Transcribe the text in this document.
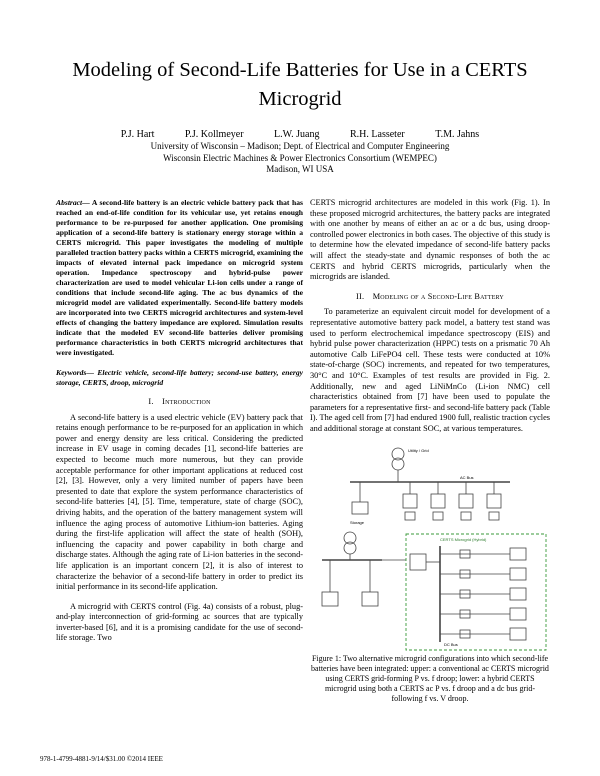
Modeling of Second-Life Batteries for Use in a CERTS Microgrid
P.J. Hart	P.J. Kollmeyer	L.W. Juang	R.H. Lasseter	T.M. Jahns
University of Wisconsin – Madison; Dept. of Electrical and Computer Engineering
Wisconsin Electric Machines & Power Electronics Consortium (WEMPEC)
Madison, WI USA

Abstract— A second-life battery is an electric vehicle battery pack that has reached an end-of-life condition for its vehicular use, yet retains enough performance to be re-purposed for another application. One promising application of a second-life battery is stationary energy storage within a CERTS microgrid. This paper investigates the modeling of multiple paralleled traction battery packs within a CERTS microgrid, examining the impacts of elevated internal pack impedance on microgrid system operation. Impedance spectroscopy and hybrid-pulse power characterization are used to model vehicular Li-ion cells under a range of conditions that include second-life aging. The ac bus dynamics of the microgrid model are validated experimentally. Second-life battery models are incorporated into two CERTS microgrid architectures and system-level effects of changing the battery impedance are explored. Simulation results indicate that the modeled EV second-life batteries deliver promising performance characteristics in both CERTS microgrid architectures that were investigated.

Keywords— Electric vehicle, second-life battery; second-use battery, energy storage, CERTS, droop, microgrid

I. Introduction

A second-life battery is a used electric vehicle (EV) battery pack that retains enough performance to be re-purposed for an application in which power and energy density are less critical. Considering the predicted increase in EV usage in coming decades [1], second-life batteries are expected to become much more numerous, but they can provide acceptable performance for other important applications at reduced cost [2], [3]. However, only a very limited number of papers have been presented to date that explore the system performance characteristics of second-life batteries [4], [5]. Time, temperature, state of charge (SOC), driving habits, and the operation of the battery management system will influence the aging process of automotive Lithium-ion batteries. Aging during the first-life application will affect the state of health (SOH), influencing the capacity and power capability in both charge and discharge states. Although the aging rate of Li-ion batteries in the second-life application is an important concern [2], it is also of interest to characterize the behavior of a second-life battery in order to predict its initial performance in its second-life application.

A microgrid with CERTS control (Fig. 4a) consists of a robust, plug-and-play interconnection of grid-forming ac sources that are typically inverter-based [6], and it is a promising candidate for the use of second-life storage. Two

CERTS microgrid architectures are modeled in this work (Fig. 1). In these proposed microgrid architectures, the battery packs are integrated with one another by means of either an ac or a dc bus, using droop-controlled power electronics in both cases. The objective of this study is to determine how the elevated impedance of second-life battery packs will affect the steady-state and dynamic responses of both the ac CERTS and hybrid CERTS microgrids, particularly when the microgrids are islanded.

II. Modeling of a Second-Life Battery

To parameterize an equivalent circuit model for development of a representative automotive battery pack model, a battery test stand was used to perform electrochemical impedance spectroscopy (EIS) and hybrid pulse power characterization (HPPC) tests on a prismatic 70 Ah automotive Calb LiFePO4 cell. These tests were conducted at 10% state-of-charge (SOC) increments, and repeated for two temperatures, 30°C and 10°C. Examples of test results are provided in Fig. 2. Additionally, new and aged LiNiMnCo (Li-ion NMC) cell characteristics obtained from [7] have been used to populate the parameters for a representative first- and second-life battery pack (Table I). The aged cell from [7] had endured 1900 full, realistic traction cycles and additional storage at constant SOC, at various temperatures.

Utility / Grid
AC Bus
Storage
CERTS Microgrid (Hybrid)
DC Bus
Figure 1: Two alternative microgrid configurations into which second-life batteries have been integrated: upper: a conventional ac CERTS microgrid using CERTS grid-forming P vs. f droop; lower: a hybrid CERTS microgrid using both a CERTS ac P vs. f droop and a dc bus grid-following f vs. V droop.
978-1-4799-4881-9/14/$31.00 ©2014 IEEE
